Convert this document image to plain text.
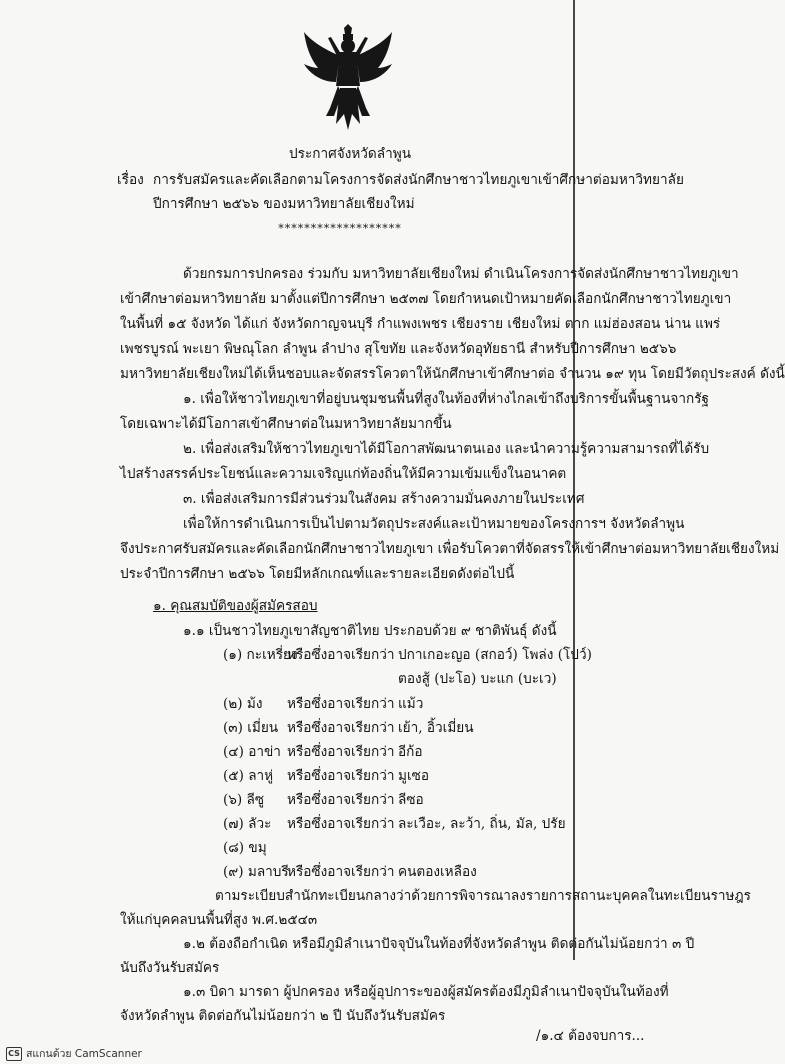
ประกาศจังหวัดลำพูน
เรื่อง การรับสมัครและคัดเลือกตามโครงการจัดส่งนักศึกษาชาวไทยภูเขาเข้าศึกษาต่อมหาวิทยาลัย
ปีการศึกษา ๒๕๖๖ ของมหาวิทยาลัยเชียงใหม่
*******************
ด้วยกรมการปกครอง ร่วมกับ มหาวิทยาลัยเชียงใหม่ ดำเนินโครงการจัดส่งนักศึกษาชาวไทยภูเขา
เข้าศึกษาต่อมหาวิทยาลัย มาตั้งแต่ปีการศึกษา ๒๕๓๗ โดยกำหนดเป้าหมายคัดเลือกนักศึกษาชาวไทยภูเขา
ในพื้นที่ ๑๕ จังหวัด ได้แก่ จังหวัดกาญจนบุรี กำแพงเพชร เชียงราย เชียงใหม่ ตาก แม่ฮ่องสอน น่าน แพร่
เพชรบูรณ์ พะเยา พิษณุโลก ลำพูน ลำปาง สุโขทัย และจังหวัดอุทัยธานี สำหรับปีการศึกษา ๒๕๖๖
มหาวิทยาลัยเชียงใหม่ได้เห็นชอบและจัดสรรโควตาให้นักศึกษาเข้าศึกษาต่อ จำนวน ๑๙ ทุน โดยมีวัตถุประสงค์ ดังนี้
๑. เพื่อให้ชาวไทยภูเขาที่อยู่บนชุมชนพื้นที่สูงในท้องที่ห่างไกลเข้าถึงบริการขั้นพื้นฐานจากรัฐ
โดยเฉพาะได้มีโอกาสเข้าศึกษาต่อในมหาวิทยาลัยมากขึ้น
๒. เพื่อส่งเสริมให้ชาวไทยภูเขาได้มีโอกาสพัฒนาตนเอง และนำความรู้ความสามารถที่ได้รับ
ไปสร้างสรรค์ประโยชน์และความเจริญแก่ท้องถิ่นให้มีความเข้มแข็งในอนาคต
๓. เพื่อส่งเสริมการมีส่วนร่วมในสังคม สร้างความมั่นคงภายในประเทศ
เพื่อให้การดำเนินการเป็นไปตามวัตถุประสงค์และเป้าหมายของโครงการฯ จังหวัดลำพูน
จึงประกาศรับสมัครและคัดเลือกนักศึกษาชาวไทยภูเขา เพื่อรับโควตาที่จัดสรรให้เข้าศึกษาต่อมหาวิทยาลัยเชียงใหม่
ประจำปีการศึกษา ๒๕๖๖ โดยมีหลักเกณฑ์และรายละเอียดดังต่อไปนี้
๑. คุณสมบัติของผู้สมัครสอบ
๑.๑ เป็นชาวไทยภูเขาสัญชาติไทย ประกอบด้วย ๙ ชาติพันธุ์ ดังนี้
(๑) กะเหรี่ยง
หรือซึ่งอาจเรียกว่า ปกาเกอะญอ (สกอว์) โพล่ง (โปว์)
ตองสู้ (ปะโอ) บะแก (บะเว)
(๒) ม้ง หรือซึ่งอาจเรียกว่า แม้ว
(๓) เมี่ยน หรือซึ่งอาจเรียกว่า เย้า, อิ้วเมี่ยน
(๔) อาข่า หรือซึ่งอาจเรียกว่า อีก้อ
(๕) ลาหู่ หรือซึ่งอาจเรียกว่า มูเซอ
(๖) ลีซู หรือซึ่งอาจเรียกว่า ลีซอ
(๗) ลัวะ หรือซึ่งอาจเรียกว่า ละเวือะ, ละว้า, ถิ่น, มัล, ปรัย
(๘) ขมุ
(๙) มลาบรี
หรือซึ่งอาจเรียกว่า คนตองเหลือง
ตามระเบียบสำนักทะเบียนกลางว่าด้วยการพิจารณาลงรายการสถานะบุคคลในทะเบียนราษฎร
ให้แก่บุคคลบนพื้นที่สูง พ.ศ.๒๕๔๓
๑.๒ ต้องถือกำเนิด หรือมีภูมิลำเนาปัจจุบันในท้องที่จังหวัดลำพูน ติดต่อกันไม่น้อยกว่า ๓ ปี
นับถึงวันรับสมัคร
๑.๓ บิดา มารดา ผู้ปกครอง หรือผู้อุปการะของผู้สมัครต้องมีภูมิลำเนาปัจจุบันในท้องที่
จังหวัดลำพูน ติดต่อกันไม่น้อยกว่า ๒ ปี นับถึงวันรับสมัคร
/๑.๔ ต้องจบการ...
CS สแกนด้วย CamScanner
